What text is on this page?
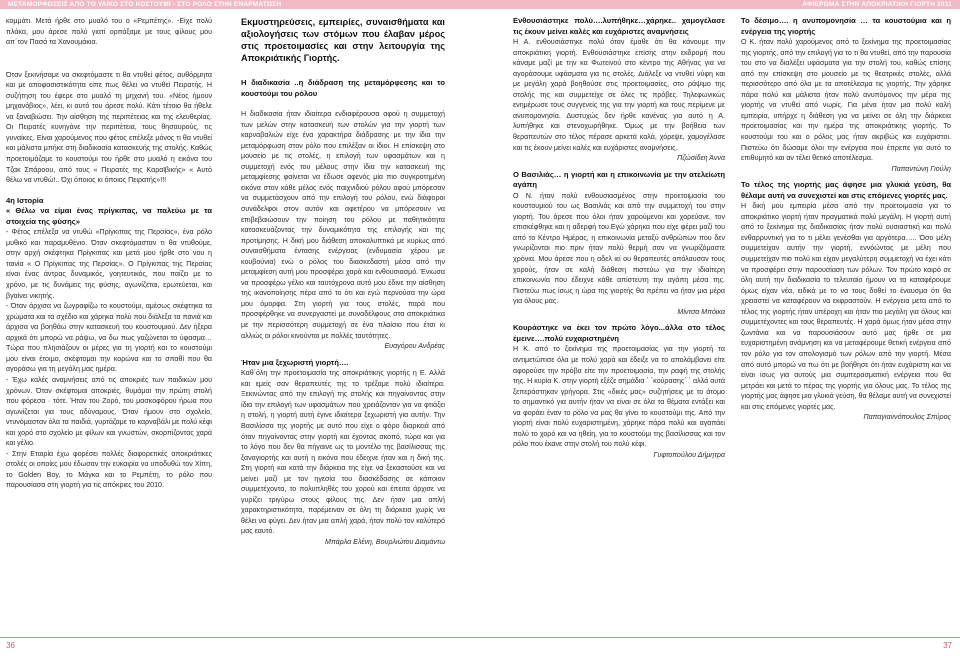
ΜΕΤΑΜΟΡΦΩΣΕΙΣ ΑΠΟ ΤΟ ΥΛΙΚΟ ΣΤΟ ΚΟΣΤΟΥΜΙ - ΣΤΟ ΡΟΛΟ ΣΤΗΝ ΕΝΑΡΜΑΤΩΣΗ	ΑΦΙΕΡΩΜΑ ΣΤΗΝ ΑΠΟΚΡΙΑΤΙΚΗ ΓΙΟΡΤΗ 2011

κομμάτι. Μετά ήρθε στο μυαλό του ο «Ρεμπέτης». -Είχε πολύ πλάκα, μου άρεσε πολύ γιατί ορπάξαμε με τους φίλους μου απ΄τον Πασά τα Χανουμάκια.

Όταν ξεκινήσαμε να σκεφτόμαστε τι θα ντυθεί φέτος, αυθόρμητα και με αποφασιστικότητα είπε πως θέλει να ντυθεί Πειρατής. Η συζήτηση του έφερε στο μυαλό τη μηχανή του. «Νέος ήμουν μηχανόβιος», λέει, κι αυτό του άρεσε πολύ. Κάτι τέτοιο θα ήθελε να ξαναβιώσει. Την αίσθηση της περιπέτειας και της ελευθερίας. Οι Πειρατές κυνηγάνε την περιπέτεια, τους θησαυρούς, τις γυναίκες. Είναι χαρούμενος που φέτος επέλεξε μόνος τι θα ντυθεί και μάλιστα μπήκε στη διαδικασία κατασκευής της στολής. Καθώς προετοιμάζαμε το κουστούμι του ήρθε στο μυαλό η εικόνα του Τζακ Σπάροου, από τους « Πειρατές της Καραϊβικής» « Αυτό θέλω να ντυθώ!.. Όχι όποιος κι όποιος Πειρατής»!!!

4η Ιστορία

« Θέλω να είμαι ένας πρίγκιπας, να παλεύω με τα στοιχεία της φύσης»

- Φέτος επέλεξα να ντυθώ «Πρίγκιπας της Περσίας», ένα ρόλο μυθικό και παραμυθένιο. Όταν σκεφτόμασταν τι θα ντυθούμε, στην αρχή σκέφτηκα Πρίγκιπας και μετά μου ήρθε στο νου η ταινία « Ο Πρίγκιπας της Περσίας». Ο Πρίγκιπας της Περσίας είναι ένας άντρας δυναμικός, γοητευτικός, που παίζει με το χρόνο, με τις δυνάμεις της φύσης, αγωνίζεται, ερωτεύεται, και βγαίνει νικητής.

- Όταν άρχισα να ζωγραφίζω το κουστούμι, αμέσως σκέφτηκα τα χρώματα και τα σχέδιο και χάρηκα πολύ που διάλεξα τα πανιά και άρχισα να βοηθάω στην κατασκευή του κουστουμιού. Δεν ήξερα αρχικά ότι μπορώ να ράψω, να δω πως γαζώνεται το ύφασμα… Τώρα που πλησιάζουν οι μέρες για τη γιορτή και το κουστούμι μου είναι έτοιμο, σκέφτομαι την κορώνα και το σπαθί που θα αγοράσω για τη μεγάλη μας ημέρα.

- Έχω καλές αναμνήσεις από τις αποκριές των παιδικών μου χρόνων. Όταν σκέφτομαι αποκριές, θυμάμαι την πρώτη στολή που φόρεσα · τότε. Ήταν του Ζορό, του μασκοφόρου ήρωα που αγωνίζεται για τους αδύναμους. Όταν ήμουν στο σχολείο, ντυνόμασταν όλα τα παιδιά, γυρτάζαμε το καρναβάλι με πολύ κέφι και χορό στο σχολείο με φίλων και γνωστών, σκορπίζοντας χαρά και γέλιο.

- Στην Εταιρία έχω φορέσει πολλές διαφορετικές αποκριάτικες στολές οι οποίες μου έδωσαν την ευκαιρία να υποδυθώ τον Χίπη, το Golden Boy, το Μάγκα και το Ρεμπέτη, το ρόλο που παρουσίασα στη γιορτή για τις απόκριες του 2010.

Εκμυστηρεύσεις, εμπειρίες, συναισθήματα και αξιολογήσεις των στόμων που έλαβαν μέρος στις προετοιμασίες και στην λειτουργία της Αποκριάτικής Γιορτής.

Η διαδικασία ..η διάδραση της μεταμόρφεσης και το κουστούμι του ρόλου

Η διαδικασία ήταν ιδιαίτερα ενδιαφέρουσα αφού η συμμετοχή των μελών στην κατασκευή των στολών για την γιορτή των καρναβαλιών είχε ένα χαρακτήρα διάδρασης με την ίδια την μεταμόρφωση στον ρόλο που επιλέξαν οι ίδιοι. Η επίσκεψη στο μουσείο με τις στολές, η επιλογή των υφασμάτων και η συμμετοχή ενός του μέλους στην ίδια την κατασκευή της μεταμφίεσης φαίνεται να έδωσε αφενός μία πιο συγκροτημένη εικόνα στον κάθε μέλος ενός παιχνιδιού ρόλου αφού μπόρεσαν να συμμετάσχουν από την επιλογή του ρόλου, ενώ διάφοροι συνάδελφοι στον αυτόν και αφετέρου να μπόρεσουν να επιβεβαιώσουν την ποίηση του ρόλου με παθητικότητα κατασκευάζοντας την δυναμικότητα της επιλογής και της προτίμησης. Η δική μου διάθεση αποκαλυπτικά με κυρίως από συναισθήματα έντασης ενέργειας (ενδυμασία χέρου με κουβούνια) ενώ ο ρόλος του διασκεδαστή μέσα από την μεταμφίεση αυτή μου προσφέρει χαρά και ενθουσιασμό. Ένιωσα να προσφέρω γέλιο και ταυτόχρονα αυτό μου έδινε την αίσθηση της ικανοποίησης πέρα από το ότι και εγώ περνούσα την ώρα μου όμορφα. Στη γιορτή για τους στολές, παρά που προσφέρθηκε να συνεργαστεί με συναδέλφους στα αποκριάτικα με την περισσότερη συμμετοχή σε ένα πλαίσιο που έτσι κι αλλιώς οι ρόλοι κινούνται με πολλές ταυτότητες.

Ευαγόρου Ανδρέας

Ήταν μια ξεχωριστή γιορτή….

Καθ΄όλη την προετοιμασία της αποκριάτικης γιορτής η Ε. Αλλά και εμείς σαν θεραπευτές της το τρέξαμε πολύ ιδιαίτερα. Ξεκινώντας από την επιλογή της στολής και πηγαίνοντας στην ίδια την επιλογή των υφασμάτων που χρειάζονταν για να φτιάξει η στολή, η γιορτή αυτή έγινε ιδιαίτερα ξεχωριστή για αυτήν. Την Βασιλίσσα της γιορτής με αυτό που είχε ο φόρο διαρκειά από όταν πηγαίνοντας στην γιορτή και έχοντας σκοπό, τώρα και για το λόγο που δεν θα πήγαινε ως το μοντέλο της βασίλισσας της ξαναγιορτής και αυτή η εικόνα που έδειχνε ήταν και η δική της. Στη γιορτή και κατά την διάρκεια της είχε να ξεκαστούσε και να μείνει μαζί με τον ηγεσία του διασκέδασης σε κάποιον συμμετέχοντα, το πολυπληθές του χορού και έπειτα άρχισε να γυρίζει τριγύρω στους φίλους της. Δεν ήταν μια απλή χαρακτηριστικότητα, παρέμειναν σε όλη τη διάρκεια χωρίς να θέλει να φύγει. Δεν ήταν μια απλή χαρά, ήταν πολύ τον καλύτερό μας εαυτό.

Μπάρλα Ελένη, Βουρλιώτου Διαμάντω

Ενθουσιάστηκε πολύ….λυπήθηκε…χάρηκε.. χαμογέλασε τις έκουν μείνει καλές και ευχάριστες αναμνήσεις

Η Α. ενθουσιάστηκε πολύ όταν έμαθε ότι θα κάνουμε την αποκριάτικη γιορτή. Ενθουσιάστηκε επίσης στην εκδρομή που κάναμε μαζί με την κα Φωτεινού στο κέντρο της Αθήνας για να αγοράσουμε υφάσματα για τις στολές. Διάλεξε να ντυθεί νύφη και με μεγάλη χαρά βοηθούσε στις προετοιμασίες, στο ράψιμο της στολής της και συμμετείχε σε όλες τις πρόβες. Τηλεφωνικώς ενημέρωσε τους συγγενείς της για την γιορτή και τους περίμενε με ανυπομονησία. Δυστυχώς δεν ήρθε κανένας για αυτό η Α. λυπήθηκε και στενοχωρήθηκε. Όμως με την βοήθεια των θεραπευτών στο τέλος πέρασε αρκετά καλά, χόρεψε, χαμογέλασε και τις έκουν μείνει καλές και ευχάριστες αναμνήσεις.

Πζώσίδεη Άννα

Ο Βασιλιάς… η γιορτή και η επικοινωνία με την ατελείωτη αγάπη

Ο Ν. ήταν πολύ ενθουσιασμένος στην προετοιμασία του κουστουμιού του ως Βασιλιάς και από την συμμετοχή του στην γιορτή. Του άρεσε που όλοι ήταν χαρούμενοι και χορεύανε, τον επισκέφθηκε και η αδερφή του.Εγώ χάρηκα που είχε φέρει μαζί του από το Κέντρο Ημέρας, η επικοινωνία μεταξύ ανθρώπων που δεν γνωρίζονται πιο πριν ήταν πολύ θερμή σαν να γνωρίζόμαστε χρόνια. Μου άρεσε που η αδελ ιεί ου θεραπευτές απόλαυσαν τους χορούς, ήταν σε καλή διάθεση πιστεύω για την ιδιαίτερη επικοινωνία που έδειχνε κάθε απίστευτη την αγάπη μέσα της. Πιστεύω πως ίσως η ώρα της γιορτής θα πρέπει να ήταν μια μέρα για όλους μας.

Μίντσα Μπόικα

Κουράστηκε να έκει τον πρώτο λόγο...άλλα στο τέλος έμεινε….πολύ ευχαριστημένη

Η Κ. από το ξεκίνημα της προετοιμασίας για την γιορτή τα αντιμετώπισε όλα με πολύ χαρά και έδειξε να το απολάμβανει είτε αφορούσε την πρόβα είτε την προετοιμασία, την ραφή της στολής της. Η κυρία Κ. στην γιορτή εξέζε σημάδια ΄ ΄κούρασης΄ ΄ αλλά αυτά ξεπεράστηκαν γρήγορα. Στις «δικές μας» συζητήσεις με το άτομο το σημαντικό για αυτήν ήταν να είναι σε όλα τα θέματα εντάξει και να φοράει έναν το ρόλο να μας θα γίνει το κουστούμι της. Από την γιορτή είναι πολύ ευχαριστημένη, χάρηκε πάρα πολύ και αγαπάει πολύ το χορό και να ηθείη, για το κουστούμι της βασίλισσας και τον ρόλο που έκανε στην στολή του πολύ κέφι.

Γυφτοπούλου Δήμητρα

Το δέσιμο…. η ανυπομονησία … τα κουστούμια και η ενέργεια της γιορτής

Ο Κ. ήταν πολύ χαρούμενος από το ξεκίνημα της προετοιμασίας της γιορτής, από την επιλογή για το τι θα ντυθεί, από την παρουσία του στο να διαλέξει υφάσματα για την στολή του, καθώς επίσης από την επίσκεψη στο μουσείο με τις θεατρικές στολές, αλλά περισσότερο από όλα με τα αποτέλεσμα τις γιορτής. Την χάρηκε πάρα πολύ και μάλιστα ήταν πολύ ανυπόμονος την μέρα της γιορτής να ντυθεί από νωρίς. Για μένα ήταν μια πολύ καλή εμπειρία, υπήρχε η διάθεση για να μείνει σε όλη την διάρκεια προετοιμασίας και την ημέρα της αποκριάτικης γιορτής. Το κουστούμι του και ο ρόλος μας ήταν ακριβώς και ευχάριστοι. Πιστεύω ότι δώσαμε όλοι την ενέργεια που έπρεπε για αυτό το επιθυμητό και αν τέλει θετικό αποτέλεσμα.

Παπαντώνη Γιούλη

Το τέλος της γιορτής μας άφησε μια γλυκιά γεύση, θα θέλαμε αυτή να συνεχιστεί και στις επόμενες γιορτές μας.

Η δική μου εμπειρία μέσα από την προετοιμασία για το αποκριάτικο γιορτή ήταν πραγματικά πολύ μεγάλη. Η γιορτή αυτή από το ξεκίνημα της διαδικασίας ήταν πολύ ουσιαστική και πολύ ενθαρρυντική για το τι μέλει γενέσθαι για αργότερα….. Όσο μέλη συμμετείχαν αυτήν την γιορτή, εννόώντας με μέλη που συμμετείχαν πιο πολύ και είχαν μεγαλύτερη συμμετοχή να έχει κάτι να προσφέρει στην παρουσίαση των ρόλων. Τον πρώτο καιρό σε όλη αυτή την διαδικασία το τελευταίο ήμουν να τα καταφέρουμε όμως είχαν νέα, ειδικά με το να τους δοθεί το έναυσμα ότι θα χρειαστεί να καταφέρουν να εκφραστούν. Η ενέργεια μετα από το τέλος της γιορτής ήταν υπέροχη και ήταν πιο μεγάλη για όλους και συμμετέχοντες και τους θεραπευτές. Η χαρά όμως ήταν μέσα στην ζωντάνια και να παρουσιάσουν αυτό μας ήρθε σε μια ευχαριστημένη ανάμνηση και να μεταφέρουμε θετική ενέργεια από τον ρόλο για τον απολογισμό των ρόλων από την γιορτή. Μέσα από αυτό μπορώ να πω ότι με βοήθησε ότι ήταν ευχάριστη και να είναι ίσως για αυτούς μια συμπερασματική ενέργεια που θα μετράει και μετά το πέρας της γιορτής για όλους μας. Το τέλος της γιορτής μας άφησε μια γλυκιά γεύση, θα θέλαμε αυτή να συνεχιστεί και στις επόμενες γιορτές μας.

Παπαγιαννόπουλος Σπύρος

36	37
